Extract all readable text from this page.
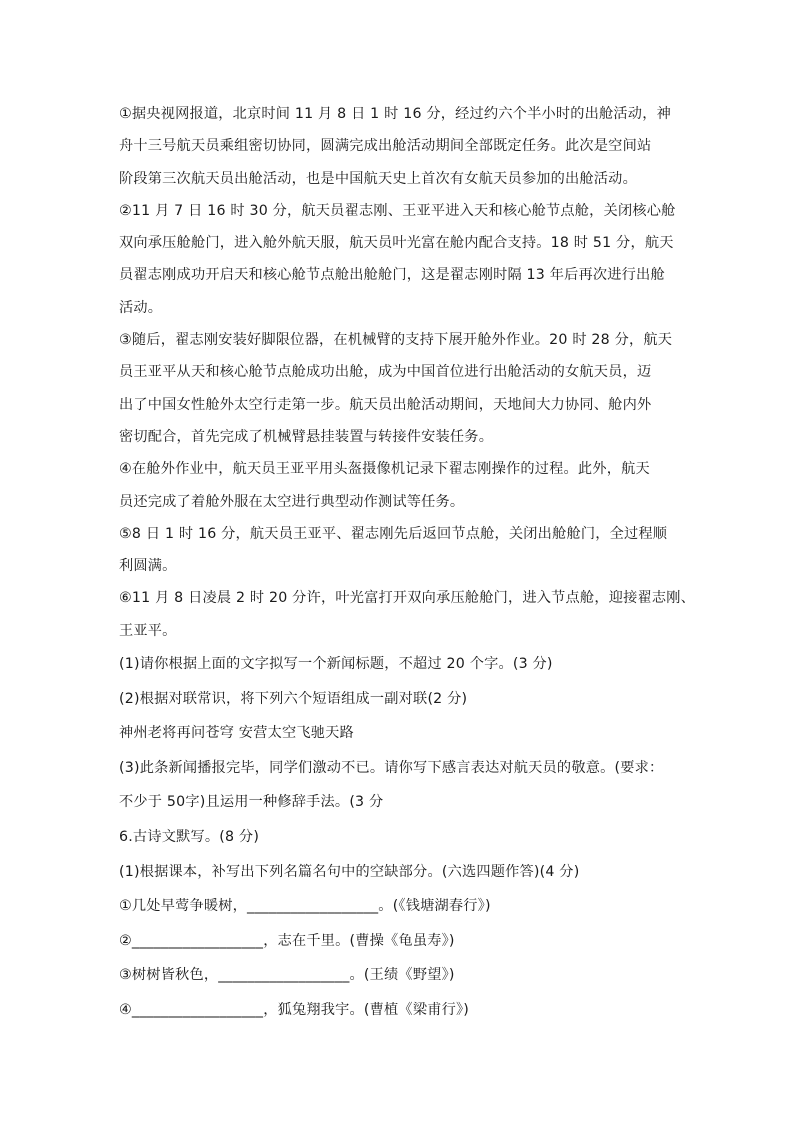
①据央视网报道，北京时间 11 月 8 日 1 时 16 分，经过约六个半小时的出舱活动，神
舟十三号航天员乘组密切协同，圆满完成出舱活动期间全部既定任务。此次是空间站
阶段第三次航天员出舱活动，也是中国航天史上首次有女航天员参加的出舱活动。
②11 月 7 日 16 时 30 分，航天员翟志刚、王亚平进入天和核心舱节点舱，关闭核心舱
双向承压舱舱门，进入舱外航天服，航天员叶光富在舱内配合支持。18 时 51 分，航天
员翟志刚成功开启天和核心舱节点舱出舱舱门，这是翟志刚时隔 13 年后再次进行出舱
活动。
③随后，翟志刚安装好脚限位器，在机械臂的支持下展开舱外作业。20 时 28 分，航天
员王亚平从天和核心舱节点舱成功出舱，成为中国首位进行出舱活动的女航天员，迈
出了中国女性舱外太空行走第一步。航天员出舱活动期间，天地间大力协同、舱内外
密切配合，首先完成了机械臂悬挂装置与转接件安装任务。
④在舱外作业中，航天员王亚平用头盔摄像机记录下翟志刚操作的过程。此外，航天
员还完成了着舱外服在太空进行典型动作测试等任务。
⑤8 日 1 时 16 分，航天员王亚平、翟志刚先后返回节点舱，关闭出舱舱门，全过程顺
利圆满。
⑥11 月 8 日凌晨 2 时 20 分许，叶光富打开双向承压舱舱门，进入节点舱，迎接翟志刚、
王亚平。
(1)请你根据上面的文字拟写一个新闻标题，不超过 20 个字。(3 分)
(2)根据对联常识，将下列六个短语组成一副对联(2 分)
神州老将再问苍穹 安营太空飞驰天路
(3)此条新闻播报完毕，同学们激动不已。请你写下感言表达对航天员的敬意。(要求：
不少于 50字)且运用一种修辞手法。(3 分
6.古诗文默写。(8 分)
(1)根据课本，补写出下列名篇名句中的空缺部分。(六选四题作答)(4 分)
①几处早莺争暖树，__________________。(《钱塘湖春行》)
②__________________，志在千里。(曹操《龟虽寿》)
③树树皆秋色，__________________。(王绩《野望》)
④__________________，狐兔翔我宇。(曹植《梁甫行》)
